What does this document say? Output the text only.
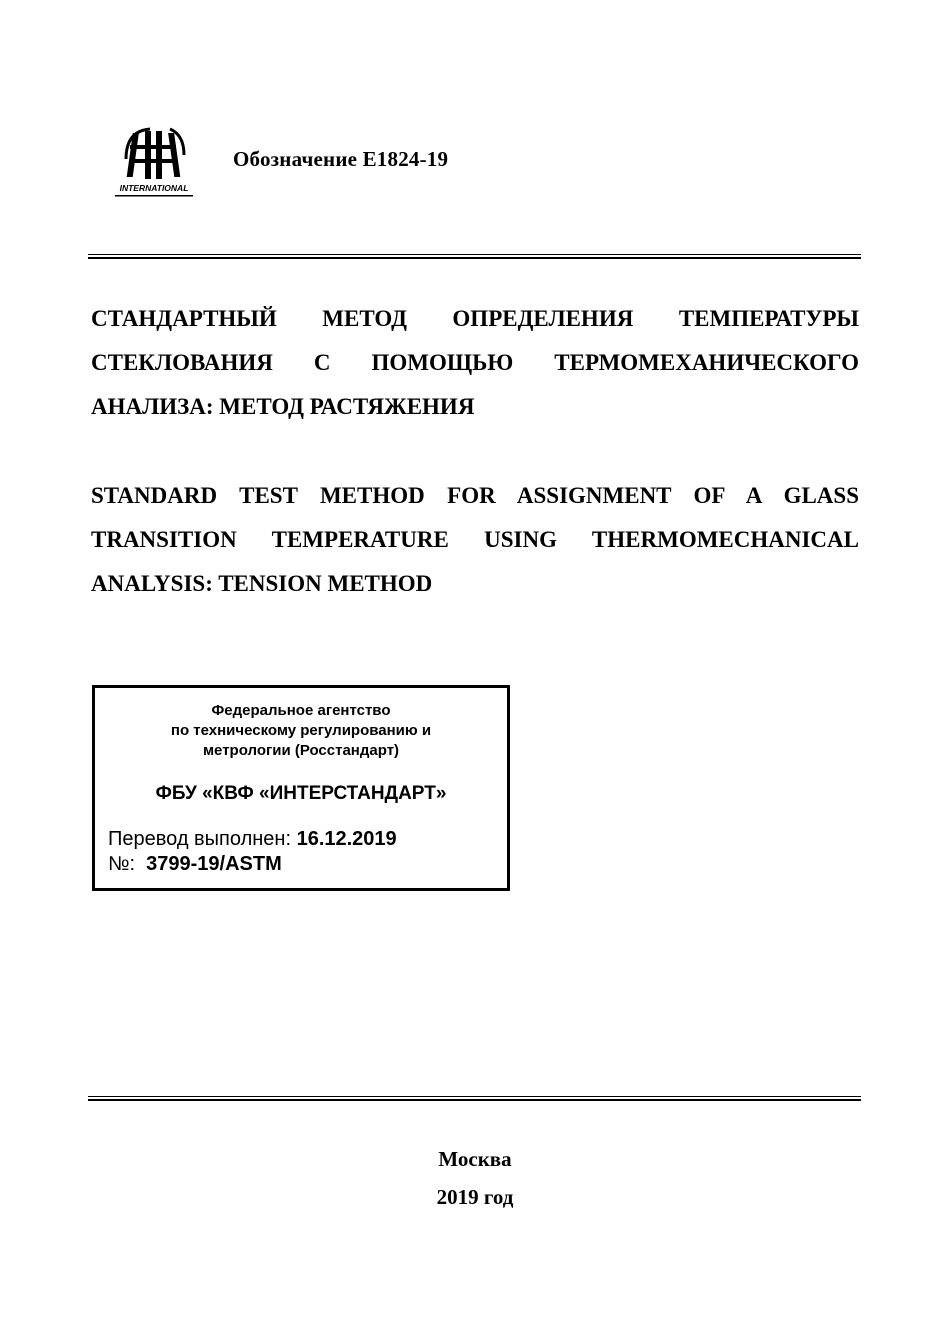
INTERNATIONAL
Обозначение E1824-19
СТАНДАРТНЫЙ МЕТОД ОПРЕДЕЛЕНИЯ ТЕМПЕРАТУРЫ
СТЕКЛОВАНИЯ С ПОМОЩЬЮ ТЕРМОМЕХАНИЧЕСКОГО
АНАЛИЗА: МЕТОД РАСТЯЖЕНИЯ
STANDARD TEST METHOD FOR ASSIGNMENT OF A GLASS
TRANSITION TEMPERATURE USING THERMOMECHANICAL
ANALYSIS: TENSION METHOD
Федеральное агентство
по техническому регулированию и
метрологии (Росстандарт)
ФБУ «КВФ «ИНТЕРСТАНДАРТ»
Перевод выполнен: 16.12.2019
№:  3799-19/ASTM
Москва
2019 год
